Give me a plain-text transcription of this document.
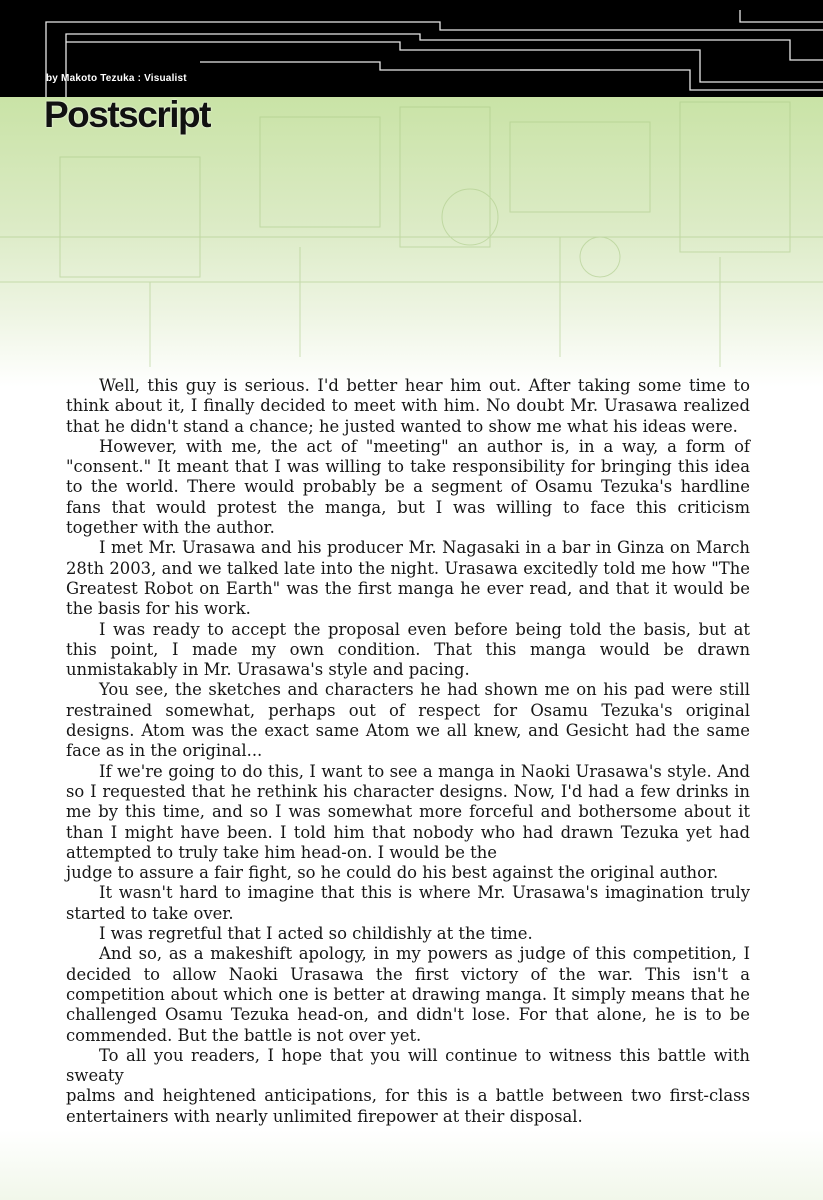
by Makoto Tezuka : Visualist
Postscript

Well, this guy is serious. I'd better hear him out. After taking some time to think about it, I finally decided to meet with him. No doubt Mr. Urasawa realized that he didn't stand a chance; he justed wanted to show me what his ideas were.

However, with me, the act of "meeting" an author is, in a way, a form of "consent." It meant that I was willing to take responsibility for bringing this idea to the world. There would probably be a segment of Osamu Tezuka's hardline fans that would protest the manga, but I was willing to face this criticism together with the author.

I met Mr. Urasawa and his producer Mr. Nagasaki in a bar in Ginza on March 28th 2003, and we talked late into the night. Urasawa excitedly told me how "The Greatest Robot on Earth" was the first manga he ever read, and that it would be the basis for his work.

I was ready to accept the proposal even before being told the basis, but at this point, I made my own condition. That this manga would be drawn unmistakably in Mr. Urasawa's style and pacing.

You see, the sketches and characters he had shown me on his pad were still restrained somewhat, perhaps out of respect for Osamu Tezuka's original designs. Atom was the exact same Atom we all knew, and Gesicht had the same face as in the original...

If we're going to do this, I want to see a manga in Naoki Urasawa's style. And so I requested that he rethink his character designs. Now, I'd had a few drinks in me by this time, and so I was somewhat more forceful and bothersome about it than I might have been. I told him that nobody who had drawn Tezuka yet had attempted to truly take him head-on. I would be the

judge to assure a fair fight, so he could do his best against the original author.

It wasn't hard to imagine that this is where Mr. Urasawa's imagination truly started to take over.

I was regretful that I acted so childishly at the time.

And so, as a makeshift apology, in my powers as judge of this competition, I decided to allow Naoki Urasawa the first victory of the war. This isn't a competition about which one is better at drawing manga. It simply means that he challenged Osamu Tezuka head-on, and didn't lose. For that alone, he is to be commended. But the battle is not over yet.

To all you readers, I hope that you will continue to witness this battle with sweaty

palms and heightened anticipations, for this is a battle between two first-class entertainers with nearly unlimited firepower at their disposal.
